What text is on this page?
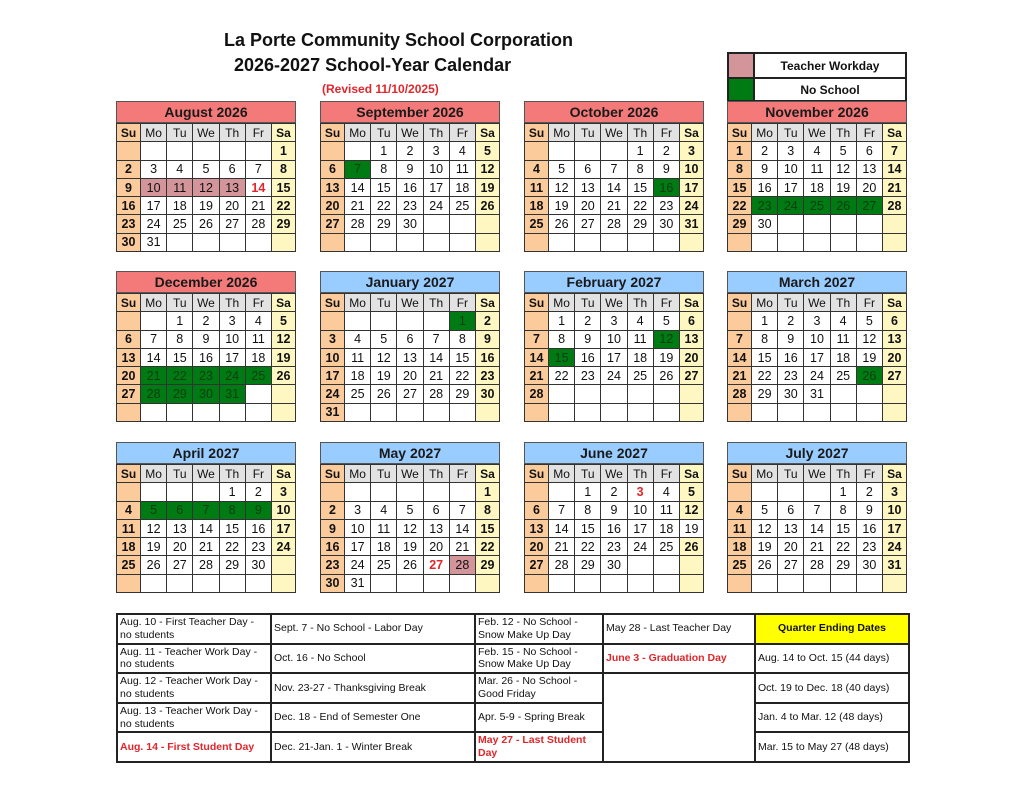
La Porte Community School Corporation
2026-2027 School-Year Calendar
(Revised 11/10/2025)
Teacher Workday
No School
August 2026
Su	Mo	Tu	We	Th	Fr	Sa
						1
2	3	4	5	6	7	8
9	10	11	12	13	14	15
16	17	18	19	20	21	22
23	24	25	26	27	28	29
30	31					
September 2026
Su	Mo	Tu	We	Th	Fr	Sa
		1	2	3	4	5
6	7	8	9	10	11	12
13	14	15	16	17	18	19
20	21	22	23	24	25	26
27	28	29	30			

October 2026
Su	Mo	Tu	We	Th	Fr	Sa
				1	2	3
4	5	6	7	8	9	10
11	12	13	14	15	16	17
18	19	20	21	22	23	24
25	26	27	28	29	30	31

November 2026
Su	Mo	Tu	We	Th	Fr	Sa
1	2	3	4	5	6	7
8	9	10	11	12	13	14
15	16	17	18	19	20	21
22	23	24	25	26	27	28
29	30					

December 2026
Su	Mo	Tu	We	Th	Fr	Sa
		1	2	3	4	5
6	7	8	9	10	11	12
13	14	15	16	17	18	19
20	21	22	23	24	25	26
27	28	29	30	31		

January 2027
Su	Mo	Tu	We	Th	Fr	Sa
					1	2
3	4	5	6	7	8	9
10	11	12	13	14	15	16
17	18	19	20	21	22	23
24	25	26	27	28	29	30
31						
February 2027
Su	Mo	Tu	We	Th	Fr	Sa
	1	2	3	4	5	6
7	8	9	10	11	12	13
14	15	16	17	18	19	20
21	22	23	24	25	26	27
28						

March 2027
Su	Mo	Tu	We	Th	Fr	Sa
	1	2	3	4	5	6
7	8	9	10	11	12	13
14	15	16	17	18	19	20
21	22	23	24	25	26	27
28	29	30	31			

April 2027
Su	Mo	Tu	We	Th	Fr	Sa
				1	2	3
4	5	6	7	8	9	10
11	12	13	14	15	16	17
18	19	20	21	22	23	24
25	26	27	28	29	30	

May 2027
Su	Mo	Tu	We	Th	Fr	Sa
						1
2	3	4	5	6	7	8
9	10	11	12	13	14	15
16	17	18	19	20	21	22
23	24	25	26	27	28	29
30	31					
June 2027
Su	Mo	Tu	We	Th	Fr	Sa
		1	2	3	4	5
6	7	8	9	10	11	12
13	14	15	16	17	18	19
20	21	22	23	24	25	26
27	28	29	30			

July 2027
Su	Mo	Tu	We	Th	Fr	Sa
				1	2	3
4	5	6	7	8	9	10
11	12	13	14	15	16	17
18	19	20	21	22	23	24
25	26	27	28	29	30	31

Aug. 10 - First Teacher Day - no students	Sept. 7 - No School - Labor Day	Feb. 12 - No School - Snow Make Up Day	May 28 - Last Teacher Day	Quarter Ending Dates
Aug. 11 - Teacher Work Day - no students	Oct. 16 - No School	Feb. 15 - No School - Snow Make Up Day	June 3 - Graduation Day	Aug. 14 to Oct. 15 (44 days)
Aug. 12 - Teacher Work Day - no students	Nov. 23-27 - Thanksgiving Break	Mar. 26 - No School - Good Friday		Oct. 19 to Dec. 18 (40 days)
Aug. 13 - Teacher Work Day - no students	Dec. 18 - End of Semester One	Apr. 5-9 - Spring Break		Jan. 4 to Mar. 12 (48 days)
Aug. 14 - First Student Day	Dec. 21-Jan. 1 - Winter Break	May 27 - Last Student Day		Mar. 15 to May 27 (48 days)
